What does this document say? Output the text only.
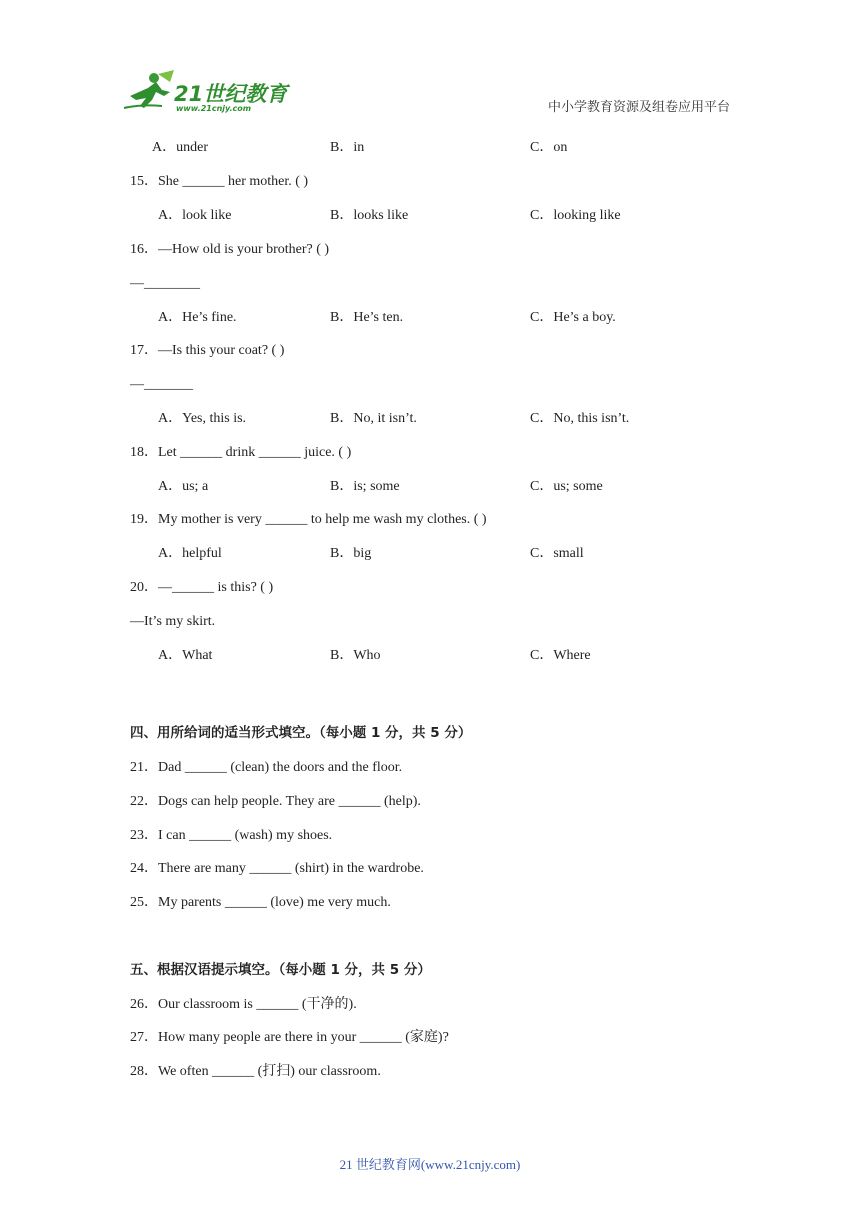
21世纪教育
www.21cnjy.com	中小学教育资源及组卷应用平台
A．under	B．in	C．on
15．She ______ her mother. ( )
A．look like	B．looks like	C．looking like
16．—How old is your brother? ( )
—________
A．He’s fine.	B．He’s ten.	C．He’s a boy.
17．—Is this your coat? ( )
—_______
A．Yes, this is.	B．No, it isn’t.	C．No, this isn’t.
18．Let ______ drink ______ juice. ( )
A．us; a	B．is; some	C．us; some
19．My mother is very ______ to help me wash my clothes. ( )
A．helpful	B．big	C．small
20．—______ is this? ( )
—It’s my skirt.
A．What	B．Who	C．Where
四、用所给词的适当形式填空。（每小题 1 分，共 5 分）
21．Dad ______ (clean) the doors and the floor.
22．Dogs can help people. They are ______ (help).
23．I can ______ (wash) my shoes.
24．There are many ______ (shirt) in the wardrobe.
25．My parents ______ (love) me very much.
五、根据汉语提示填空。（每小题 1 分，共 5 分）
26．Our classroom is ______ (干净的).
27．How many people are there in your ______ (家庭)?
28．We often ______ (打扫) our classroom.
21 世纪教育网(www.21cnjy.com)
